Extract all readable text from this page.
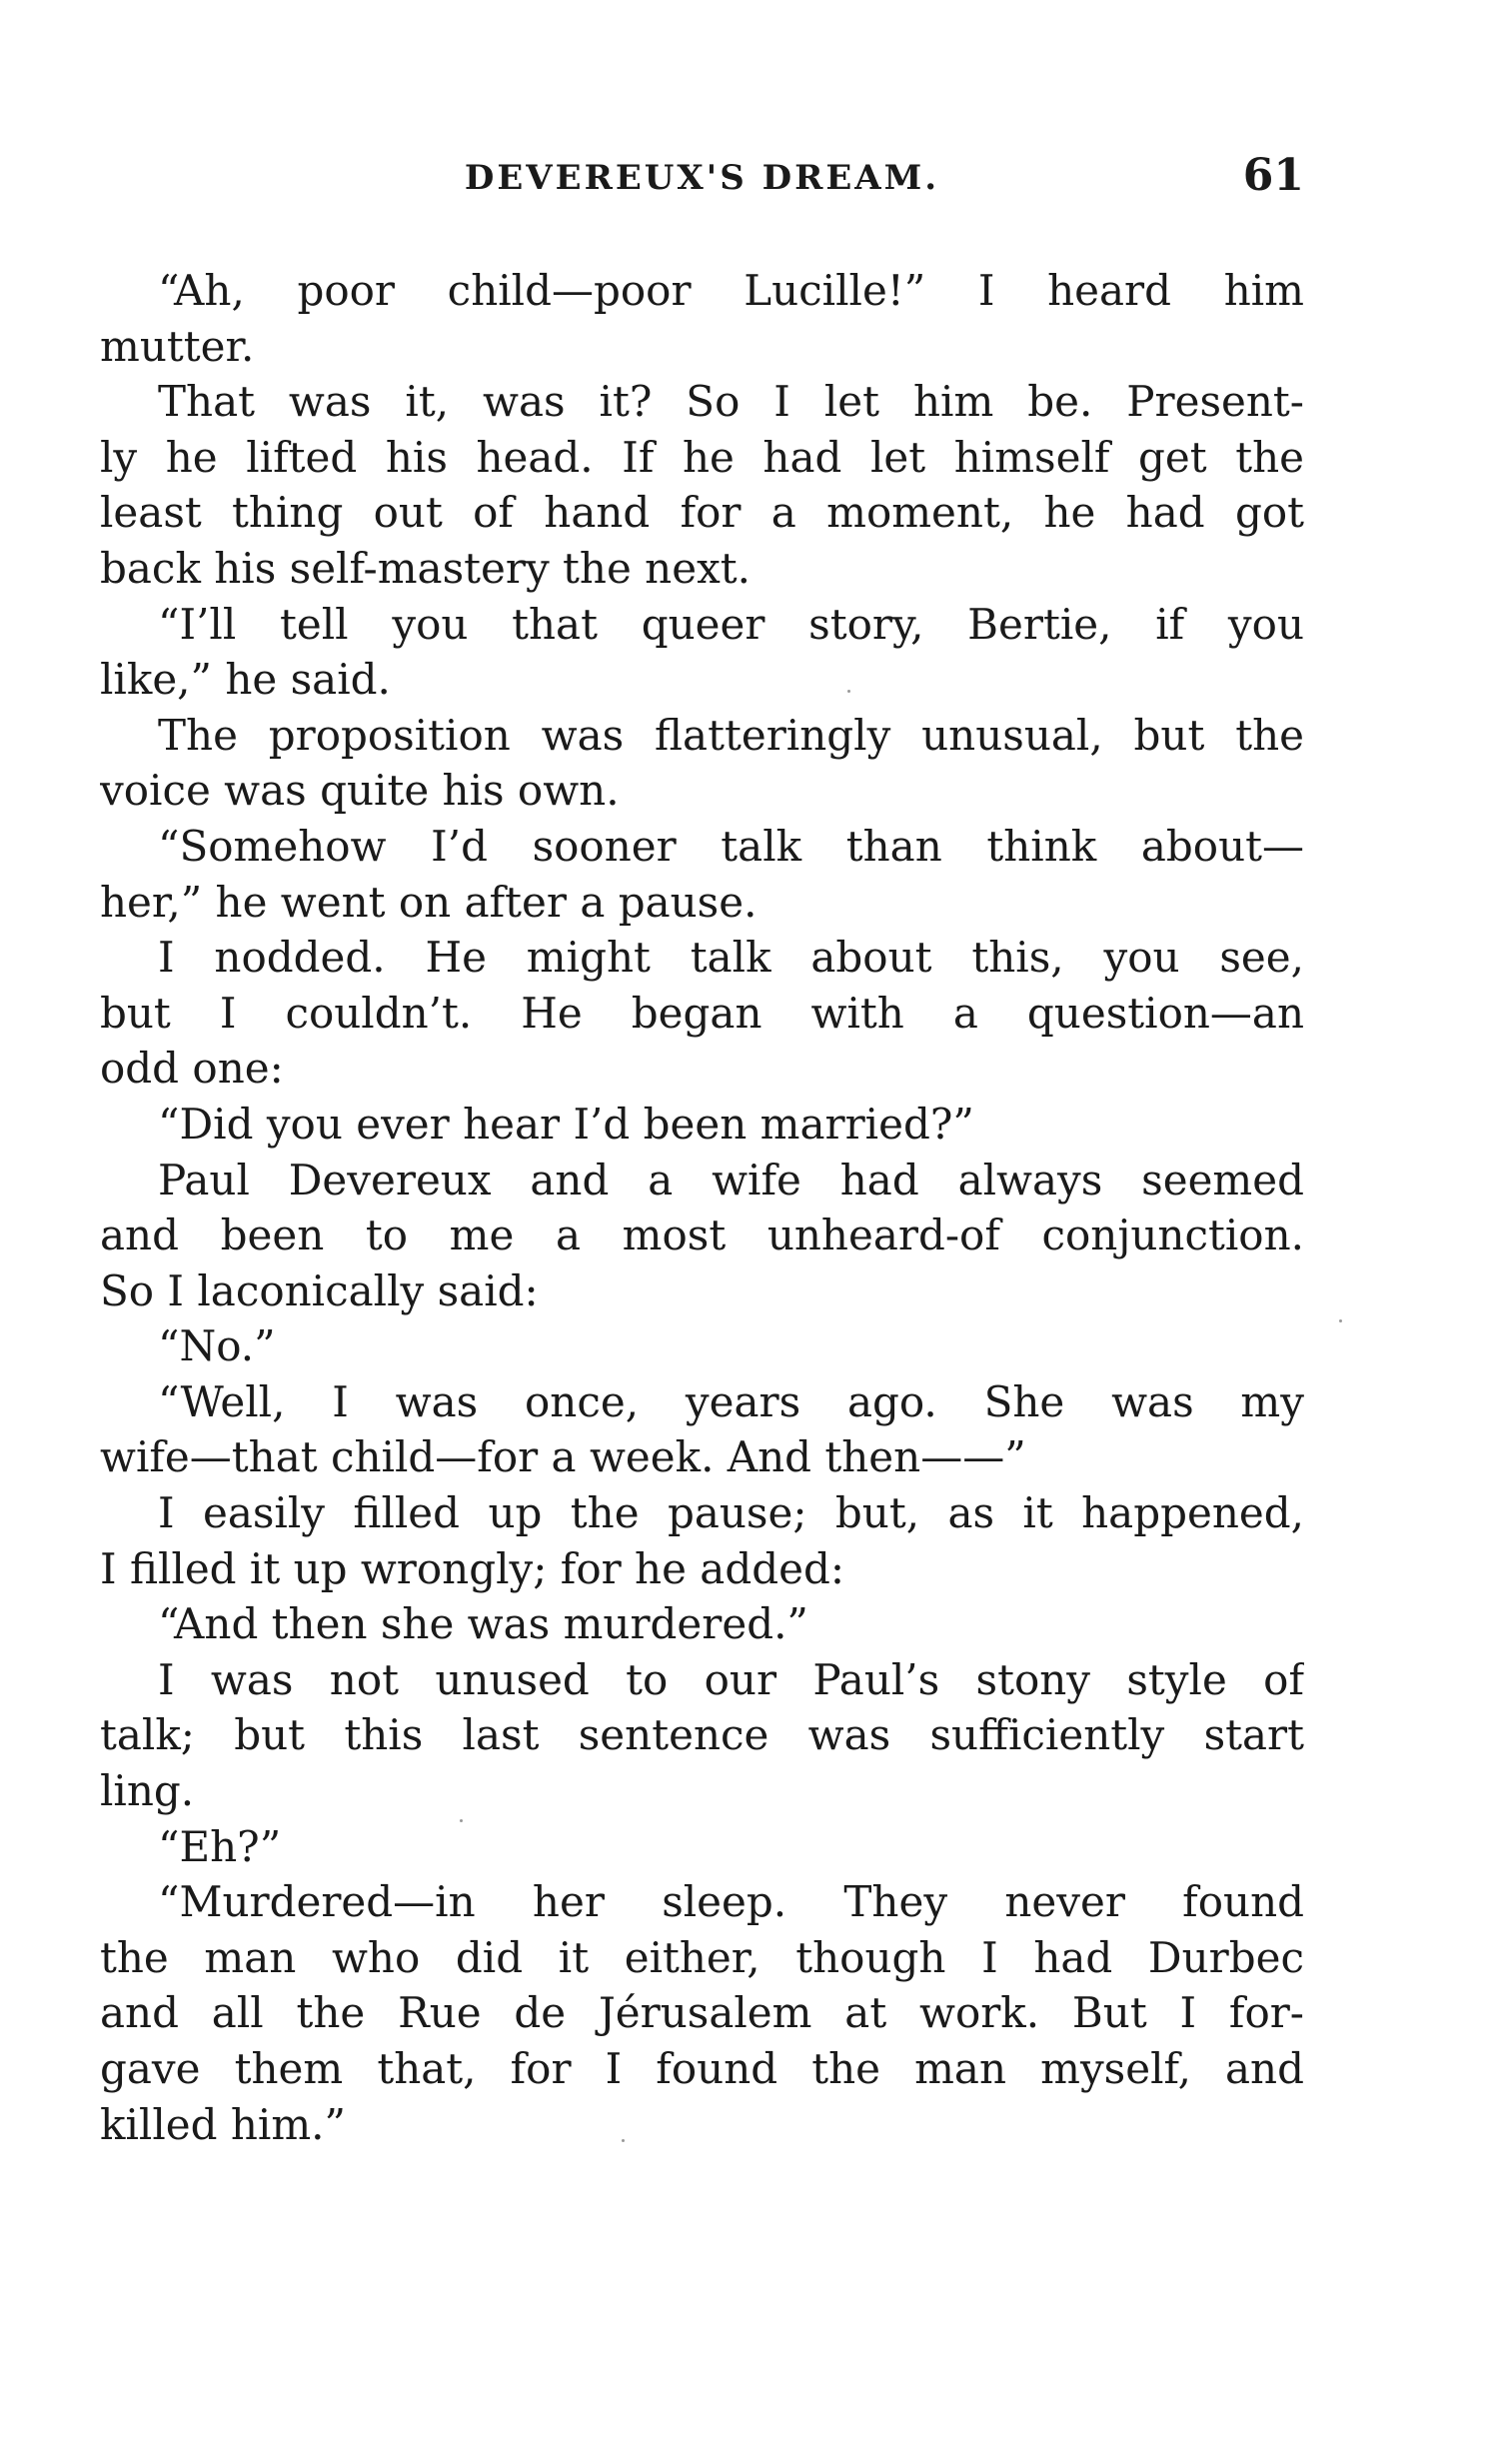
DEVEREUX'S DREAM.	61
“Ah, poor child—poor Lucille!” I heard him
mutter.
That was it, was it? So I let him be. Present-
ly he lifted his head. If he had let himself get the
least thing out of hand for a moment, he had got
back his self-mastery the next.
“I’ll tell you that queer story, Bertie, if you
like,” he said.
The proposition was flatteringly unusual, but the
voice was quite his own.
“Somehow I’d sooner talk than think about—
her,” he went on after a pause.
I nodded. He might talk about this, you see,
but I couldn’t. He began with a question—an
odd one:
“Did you ever hear I’d been married?”
Paul Devereux and a wife had always seemed
and been to me a most unheard-of conjunction.
So I laconically said:
“No.”
“Well, I was once, years ago. She was my
wife—that child—for a week. And then——”
I easily filled up the pause; but, as it happened,
I filled it up wrongly; for he added:
“And then she was murdered.”
I was not unused to our Paul’s stony style of
talk; but this last sentence was sufficiently start
ling.
“Eh?”
“Murdered—in her sleep. They never found
the man who did it either, though I had Durbec
and all the Rue de Jérusalem at work. But I for-
gave them that, for I found the man myself, and
killed him.”
